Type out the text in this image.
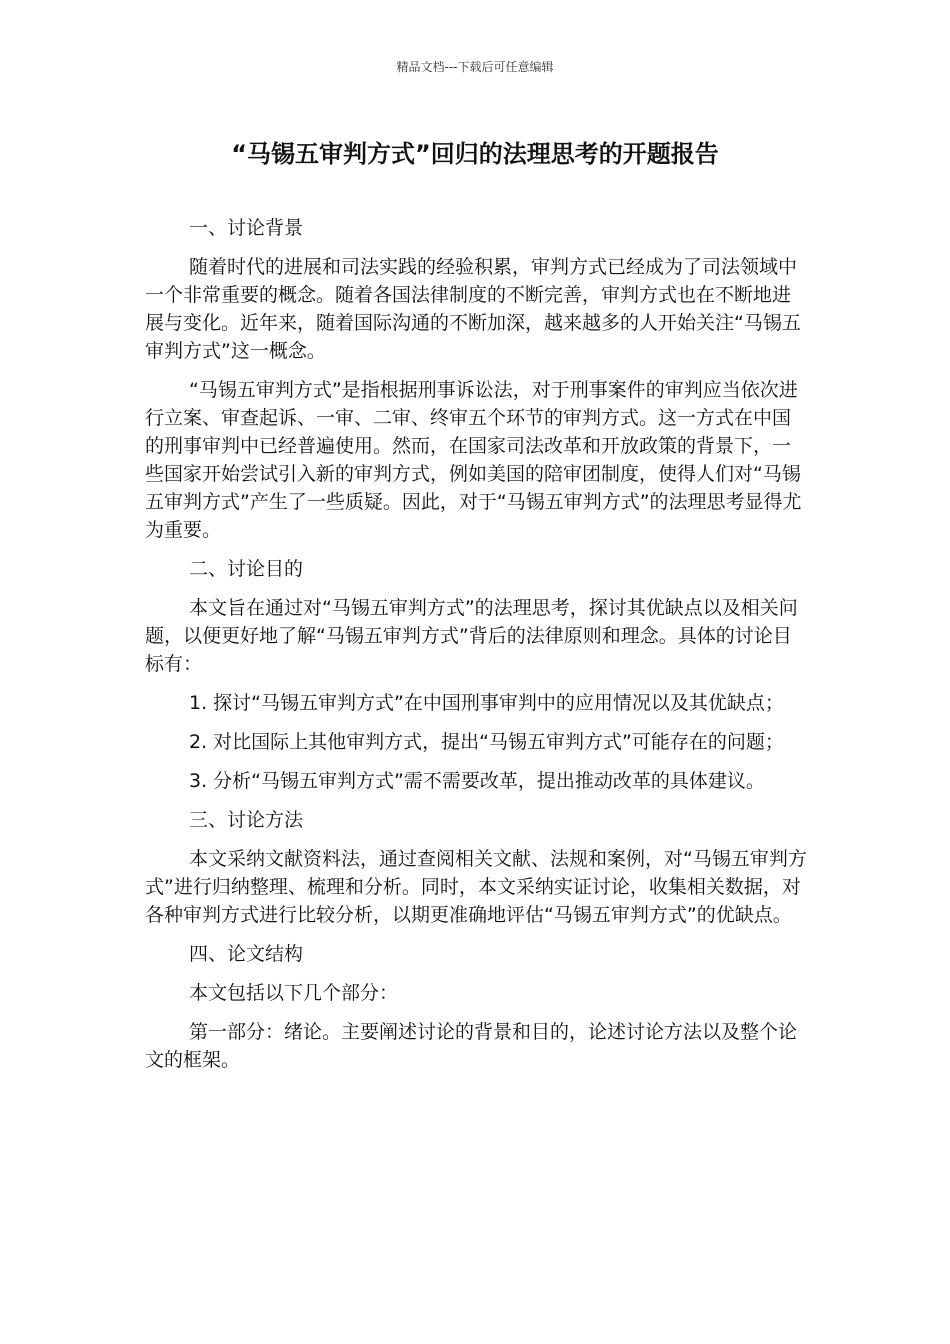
精品文档---下载后可任意编辑
“马锡五审判方式”回归的法理思考的开题报告

一、讨论背景

随着时代的进展和司法实践的经验积累，审判方式已经成为了司法领域中一个非常重要的概念。随着各国法律制度的不断完善，审判方式也在不断地进展与变化。近年来，随着国际沟通的不断加深，越来越多的人开始关注“马锡五审判方式”这一概念。

“马锡五审判方式”是指根据刑事诉讼法，对于刑事案件的审判应当依次进行立案、审查起诉、一审、二审、终审五个环节的审判方式。这一方式在中国的刑事审判中已经普遍使用。然而，在国家司法改革和开放政策的背景下，一些国家开始尝试引入新的审判方式，例如美国的陪审团制度，使得人们对“马锡五审判方式”产生了一些质疑。因此，对于“马锡五审判方式”的法理思考显得尤为重要。

二、讨论目的

本文旨在通过对“马锡五审判方式”的法理思考，探讨其优缺点以及相关问题，以便更好地了解“马锡五审判方式”背后的法律原则和理念。具体的讨论目标有：

1. 探讨“马锡五审判方式”在中国刑事审判中的应用情况以及其优缺点；

2. 对比国际上其他审判方式，提出“马锡五审判方式”可能存在的问题；

3. 分析“马锡五审判方式”需不需要改革，提出推动改革的具体建议。

三、讨论方法

本文采纳文献资料法，通过查阅相关文献、法规和案例，对“马锡五审判方式”进行归纳整理、梳理和分析。同时，本文采纳实证讨论，收集相关数据，对各种审判方式进行比较分析，以期更准确地评估“马锡五审判方式”的优缺点。

四、论文结构

本文包括以下几个部分：

第一部分：绪论。主要阐述讨论的背景和目的，论述讨论方法以及整个论文的框架。
